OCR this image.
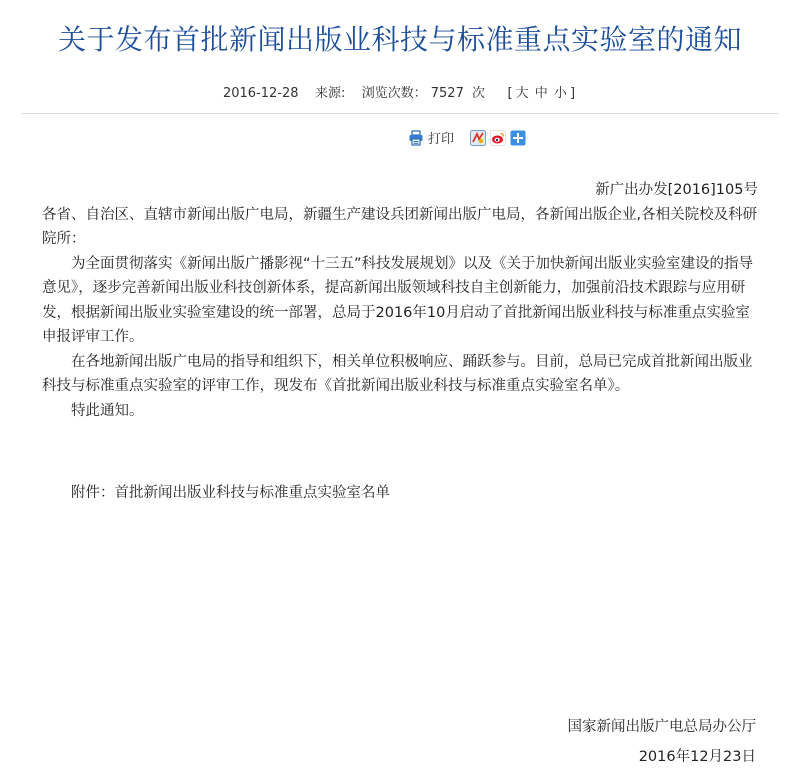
关于发布首批新闻出版业科技与标准重点实验室的通知
2016-12-28 来源: 浏览次数： 7527 次 [ 大 中 小 ]
打印

新广出办发[2016]105号

各省、自治区、直辖市新闻出版广电局，新疆生产建设兵团新闻出版广电局，各新闻出版企业,各相关院校及科研院所：

为全面贯彻落实《新闻出版广播影视“十三五”科技发展规划》以及《关于加快新闻出版业实验室建设的指导意见》，逐步完善新闻出版业科技创新体系，提高新闻出版领域科技自主创新能力，加强前沿技术跟踪与应用研发，根据新闻出版业实验室建设的统一部署，总局于2016年10月启动了首批新闻出版业科技与标准重点实验室申报评审工作。

在各地新闻出版广电局的指导和组织下，相关单位积极响应、踊跃参与。目前，总局已完成首批新闻出版业科技与标准重点实验室的评审工作，现发布《首批新闻出版业科技与标准重点实验室名单》。

特此通知。

附件：首批新闻出版业科技与标准重点实验室名单

国家新闻出版广电总局办公厅
2016年12月23日
